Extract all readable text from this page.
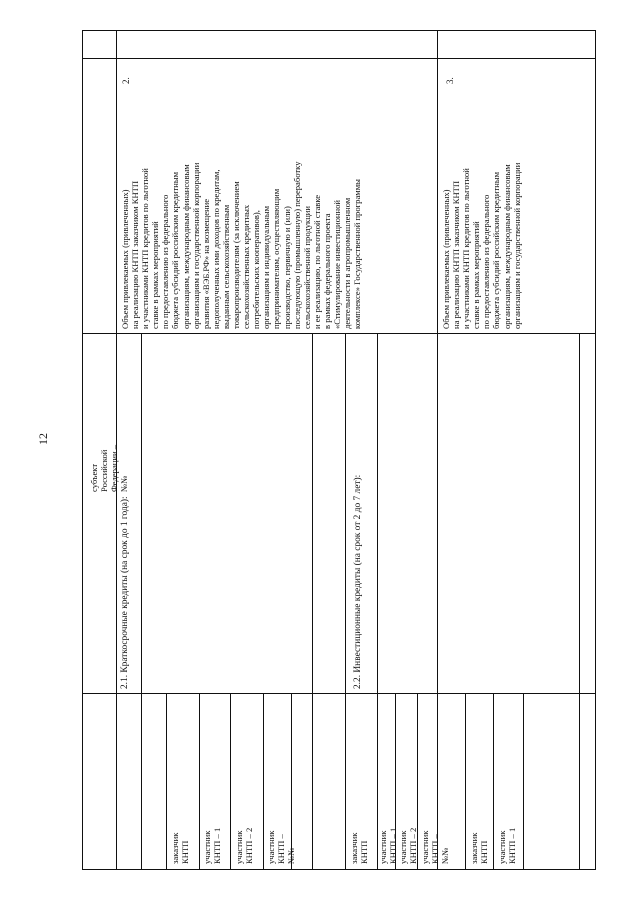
12
субъект
Российской
Федерации –
№№
2.
Объем привлекаемых (привлеченных)
на реализацию КНТП заказчиком КНТП
и участниками КНТП кредитов по льготной
ставке в рамках мероприятий
по предоставлению из федерального
бюджета субсидий российским кредитным
организациям, международным финансовым
организациям и государственной корпорации
развития «ВЭБ.РФ» на возмещение
недополученных ими доходов по кредитам,
выданным сельскохозяйственным
товаропроизводителям (за исключением
сельскохозяйственных кредитных
потребительских кооперативов),
организациям и индивидуальным
предпринимателям, осуществляющим
производство, первичную и (или)
последующую (промышленную) переработку
сельскохозяйственной продукции
и ее реализацию, по льготной ставке
в рамках федерального проекта
«Стимулирование инвестиционной
деятельности в агропромышленном
комплексе» Государственной программы
2.1. Краткосрочные кредиты (на срок до 1 года):	2.2. Инвестиционные кредиты (на срок от 2 до 7 лет):
заказчик
КНТП участник
КНТП – 1
участник
КНТП – 2
участник
КНТП –
№№	заказчик
КНТП участник
КНТП – 1
участник
КНТП – 2
участник
КНТП –
№№
3.
Объем привлекаемых (привлеченных)
на реализацию КНТП заказчиком КНТП
и участниками КНТП кредитов по льготной
ставке в рамках мероприятий
по предоставлению из федерального
бюджета субсидий российским кредитным
организациям, международным финансовым
организациям и государственной корпорации
заказчик
КНТП участник
КНТП – 1
